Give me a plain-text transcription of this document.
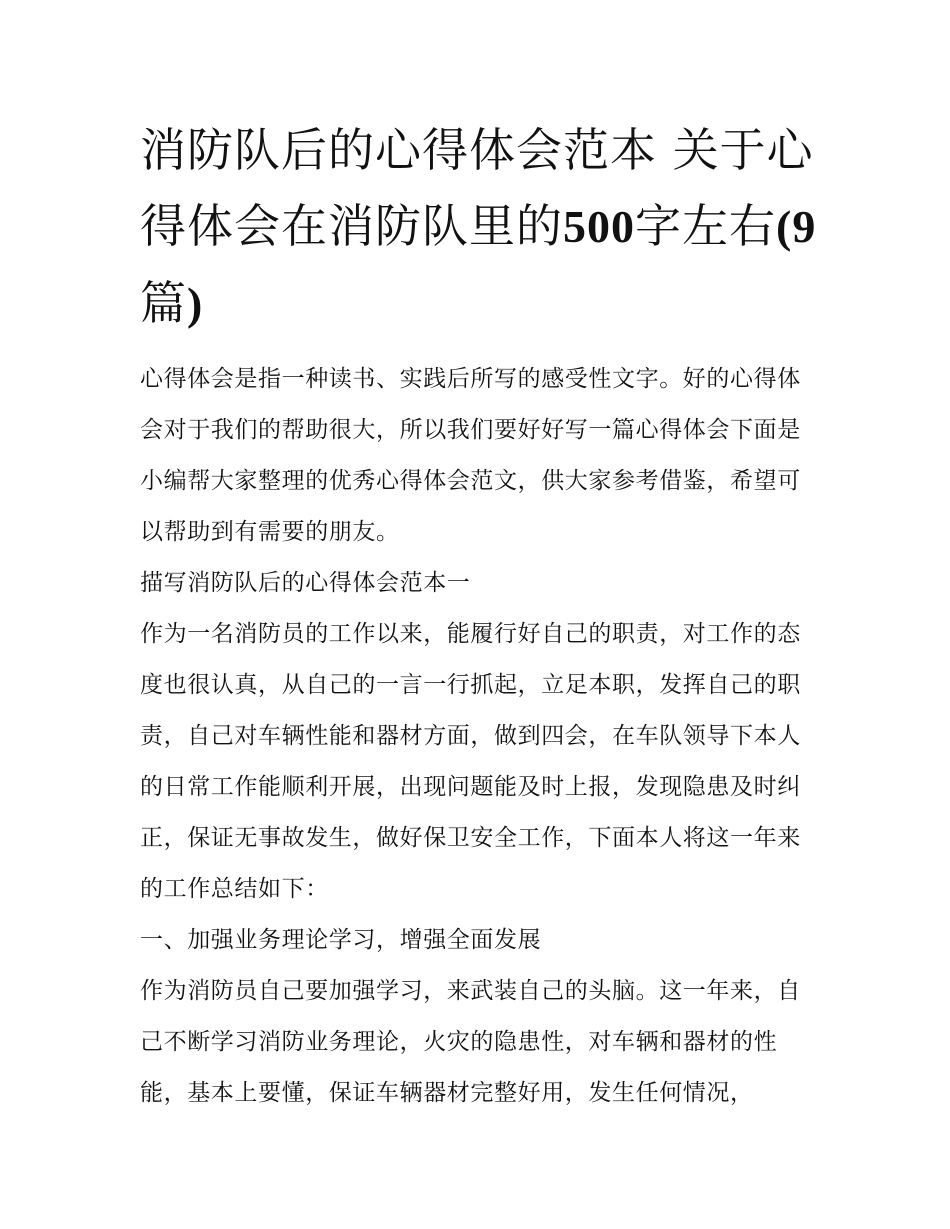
消防队后的心得体会范本 关于心得体会在消防队里的500字左右(9篇)

心得体会是指一种读书、实践后所写的感受性文字。好的心得体会对于我们的帮助很大，所以我们要好好写一篇心得体会下面是小编帮大家整理的优秀心得体会范文，供大家参考借鉴，希望可以帮助到有需要的朋友。

描写消防队后的心得体会范本一

作为一名消防员的工作以来，能履行好自己的职责，对工作的态度也很认真，从自己的一言一行抓起，立足本职，发挥自己的职责，自己对车辆性能和器材方面，做到四会，在车队领导下本人的日常工作能顺利开展，出现问题能及时上报，发现隐患及时纠正，保证无事故发生，做好保卫安全工作，下面本人将这一年来的工作总结如下：

一、加强业务理论学习，增强全面发展

作为消防员自己要加强学习，来武装自己的头脑。这一年来，自己不断学习消防业务理论，火灾的隐患性，对车辆和器材的性能，基本上要懂，保证车辆器材完整好用，发生任何情况，
